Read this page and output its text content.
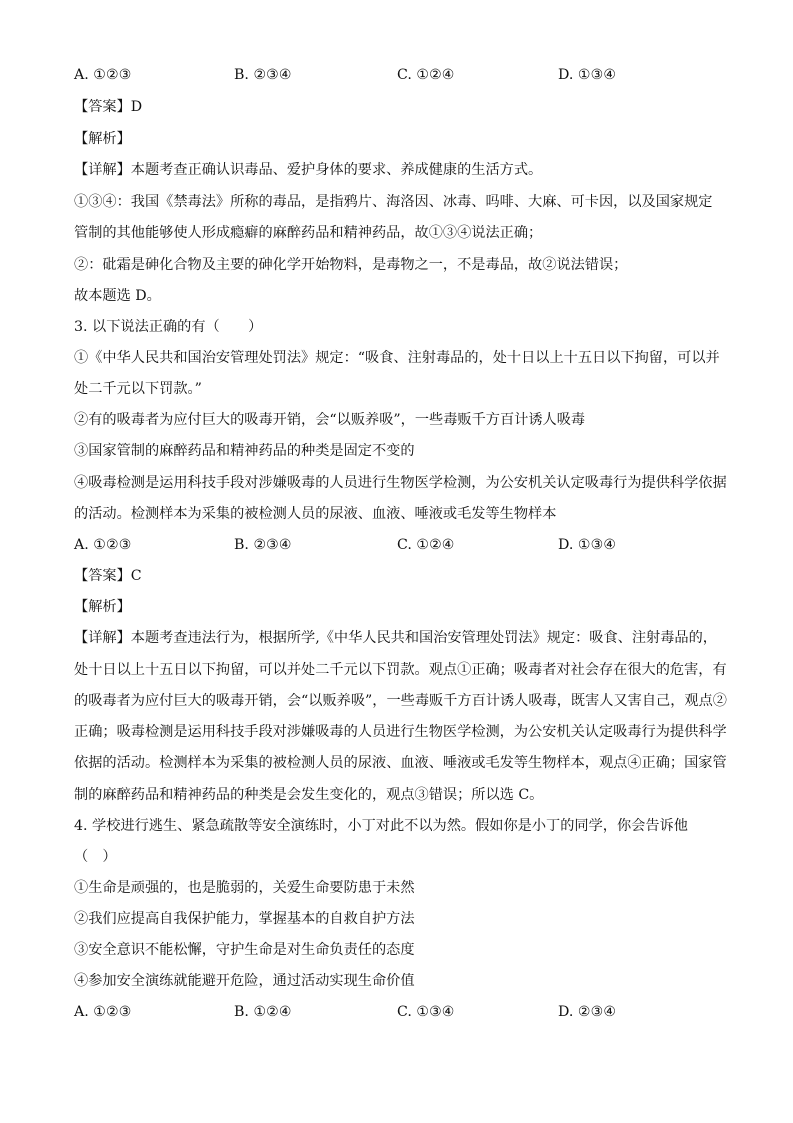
A. ①②③	B. ②③④	C. ①②④	D. ①③④
【答案】D
【解析】
【详解】本题考查正确认识毒品、爱护身体的要求、养成健康的生活方式。
①③④：我国《禁毒法》所称的毒品，是指鸦片、海洛因、冰毒、吗啡、大麻、可卡因，以及国家规定
管制的其他能够使人形成瘾癖的麻醉药品和精神药品，故①③④说法正确；
②：砒霜是砷化合物及主要的砷化学开始物料，是毒物之一，不是毒品，故②说法错误；
故本题选 D。
3. 以下说法正确的有（　　）
①《中华人民共和国治安管理处罚法》规定：“吸食、注射毒品的，处十日以上十五日以下拘留，可以并
处二千元以下罚款。”
②有的吸毒者为应付巨大的吸毒开销，会“以贩养吸”，一些毒贩千方百计诱人吸毒
③国家管制的麻醉药品和精神药品的种类是固定不变的
④吸毒检测是运用科技手段对涉嫌吸毒的人员进行生物医学检测，为公安机关认定吸毒行为提供科学依据
的活动。检测样本为采集的被检测人员的尿液、血液、唾液或毛发等生物样本
A. ①②③	B. ②③④	C. ①②④	D. ①③④
【答案】C
【解析】
【详解】本题考查违法行为，根据所学,《中华人民共和国治安管理处罚法》规定：吸食、注射毒品的，
处十日以上十五日以下拘留，可以并处二千元以下罚款。观点①正确；吸毒者对社会存在很大的危害，有
的吸毒者为应付巨大的吸毒开销，会“以贩养吸”，一些毒贩千方百计诱人吸毒，既害人又害自己，观点②
正确；吸毒检测是运用科技手段对涉嫌吸毒的人员进行生物医学检测，为公安机关认定吸毒行为提供科学
依据的活动。检测样本为采集的被检测人员的尿液、血液、唾液或毛发等生物样本，观点④正确；国家管
制的麻醉药品和精神药品的种类是会发生变化的，观点③错误；所以选 C。
4. 学校进行逃生、紧急疏散等安全演练时，小丁对此不以为然。假如你是小丁的同学，你会告诉他
（　）
①生命是顽强的，也是脆弱的，关爱生命要防患于未然
②我们应提高自我保护能力，掌握基本的自救自护方法
③安全意识不能松懈，守护生命是对生命负责任的态度
④参加安全演练就能避开危险，通过活动实现生命价值
A. ①②③	B. ①②④	C. ①③④	D. ②③④
